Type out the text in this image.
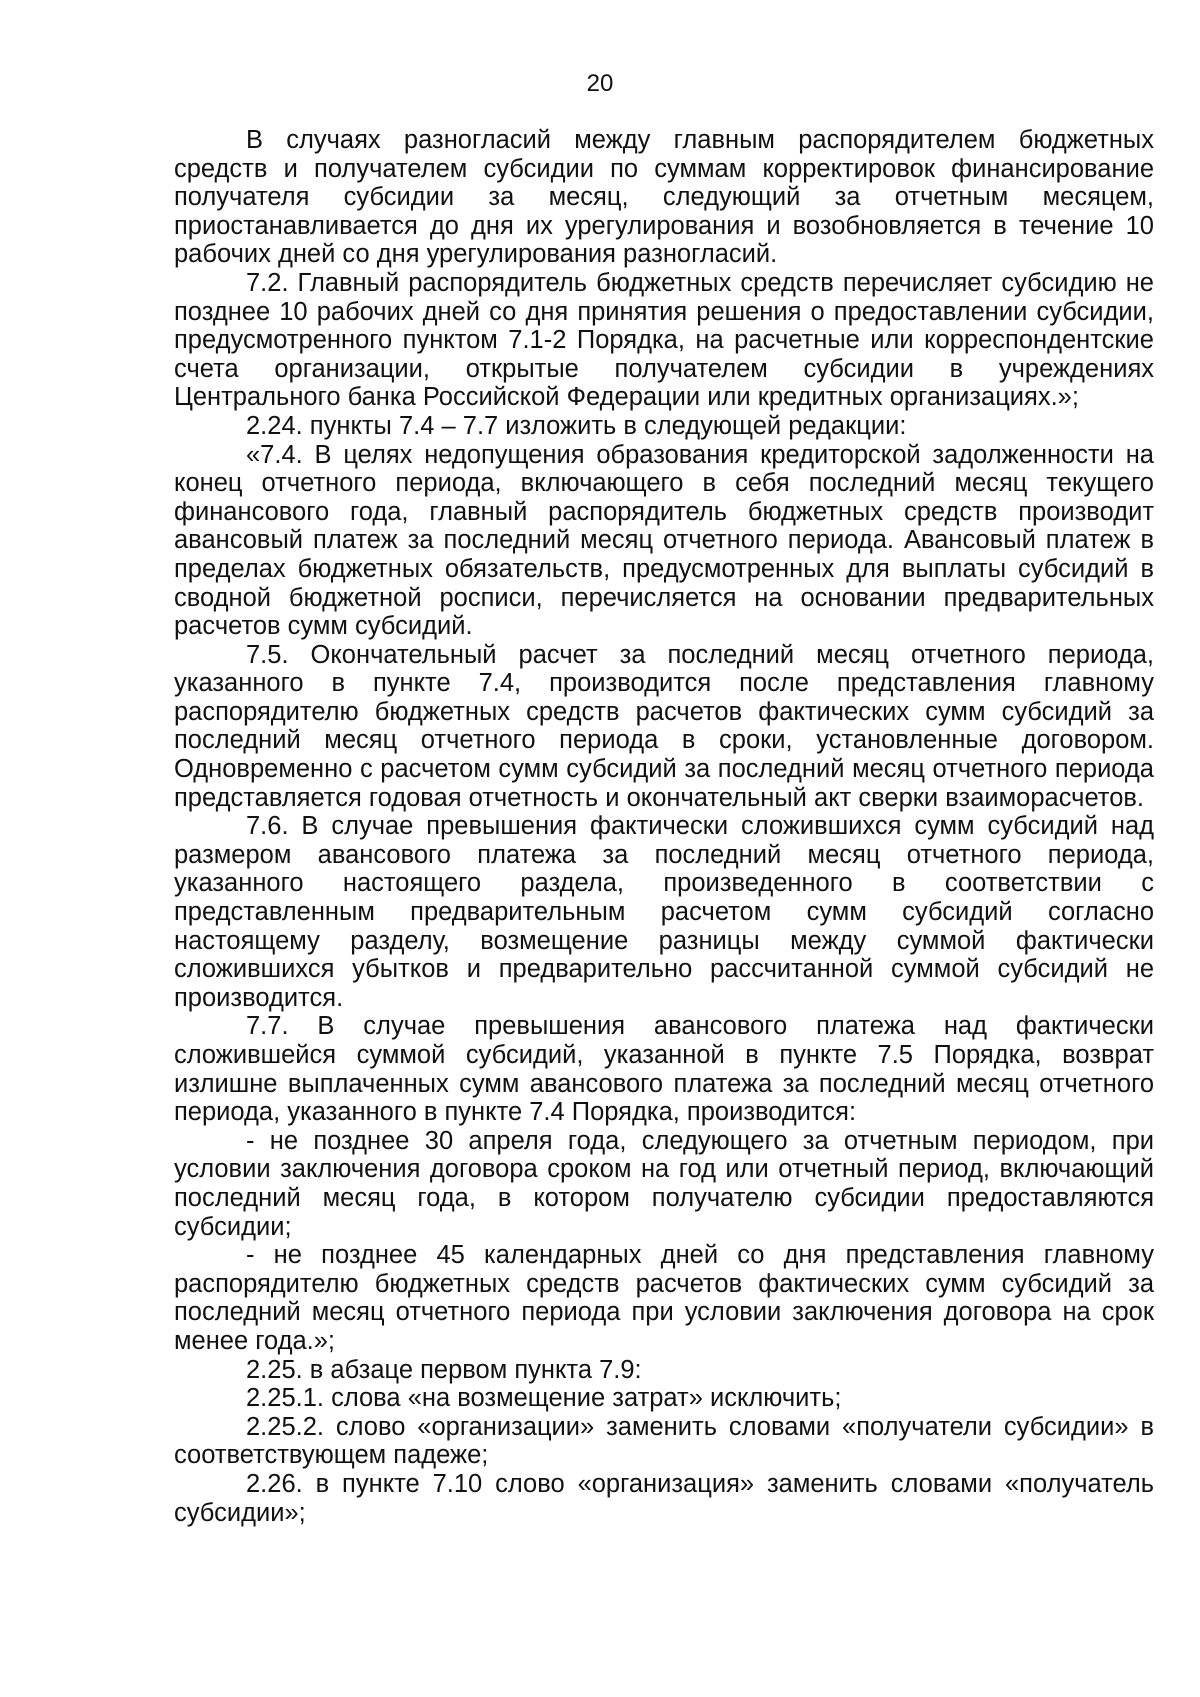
20

В случаях разногласий между главным распорядителем бюджетных средств и получателем субсидии по суммам корректировок финансирование получателя субсидии за месяц, следующий за отчетным месяцем, приостанавливается до дня их урегулирования и возобновляется в течение 10 рабочих дней со дня урегулирования разногласий.

7.2. Главный распорядитель бюджетных средств перечисляет субсидию не позднее 10 рабочих дней со дня принятия решения о предоставлении субсидии, предусмотренного пунктом 7.1-2 Порядка, на расчетные или корреспондентские счета организации, открытые получателем субсидии в учреждениях Центрального банка Российской Федерации или кредитных организациях.»;

2.24. пункты 7.4 – 7.7 изложить в следующей редакции:

«7.4. В целях недопущения образования кредиторской задолженности на конец отчетного периода, включающего в себя последний месяц текущего финансового года, главный распорядитель бюджетных средств производит авансовый платеж за последний месяц отчетного периода. Авансовый платеж в пределах бюджетных обязательств, предусмотренных для выплаты субсидий в сводной бюджетной росписи, перечисляется на основании предварительных расчетов сумм субсидий.

7.5. Окончательный расчет за последний месяц отчетного периода, указанного в пункте 7.4, производится после представления главному распорядителю бюджетных средств расчетов фактических сумм субсидий за последний месяц отчетного периода в сроки, установленные договором. Одновременно с расчетом сумм субсидий за последний месяц отчетного периода представляется годовая отчетность и окончательный акт сверки взаиморасчетов.

7.6. В случае превышения фактически сложившихся сумм субсидий над размером авансового платежа за последний месяц отчетного периода, указанного настоящего раздела, произведенного в соответствии с представленным предварительным расчетом сумм субсидий согласно настоящему разделу, возмещение разницы между суммой фактически сложившихся убытков и предварительно рассчитанной суммой субсидий не производится.

7.7. В случае превышения авансового платежа над фактически сложившейся суммой субсидий, указанной в пункте 7.5 Порядка, возврат излишне выплаченных сумм авансового платежа за последний месяц отчетного периода, указанного в пункте 7.4 Порядка, производится:

- не позднее 30 апреля года, следующего за отчетным периодом, при условии заключения договора сроком на год или отчетный период, включающий последний месяц года, в котором получателю субсидии предоставляются субсидии;

- не позднее 45 календарных дней со дня представления главному распорядителю бюджетных средств расчетов фактических сумм субсидий за последний месяц отчетного периода при условии заключения договора на срок менее года.»;

2.25. в абзаце первом пункта 7.9:

2.25.1. слова «на возмещение затрат» исключить;

2.25.2. слово «организации» заменить словами «получатели субсидии» в соответствующем падеже;

2.26. в пункте 7.10 слово «организация» заменить словами «получатель субсидии»;
